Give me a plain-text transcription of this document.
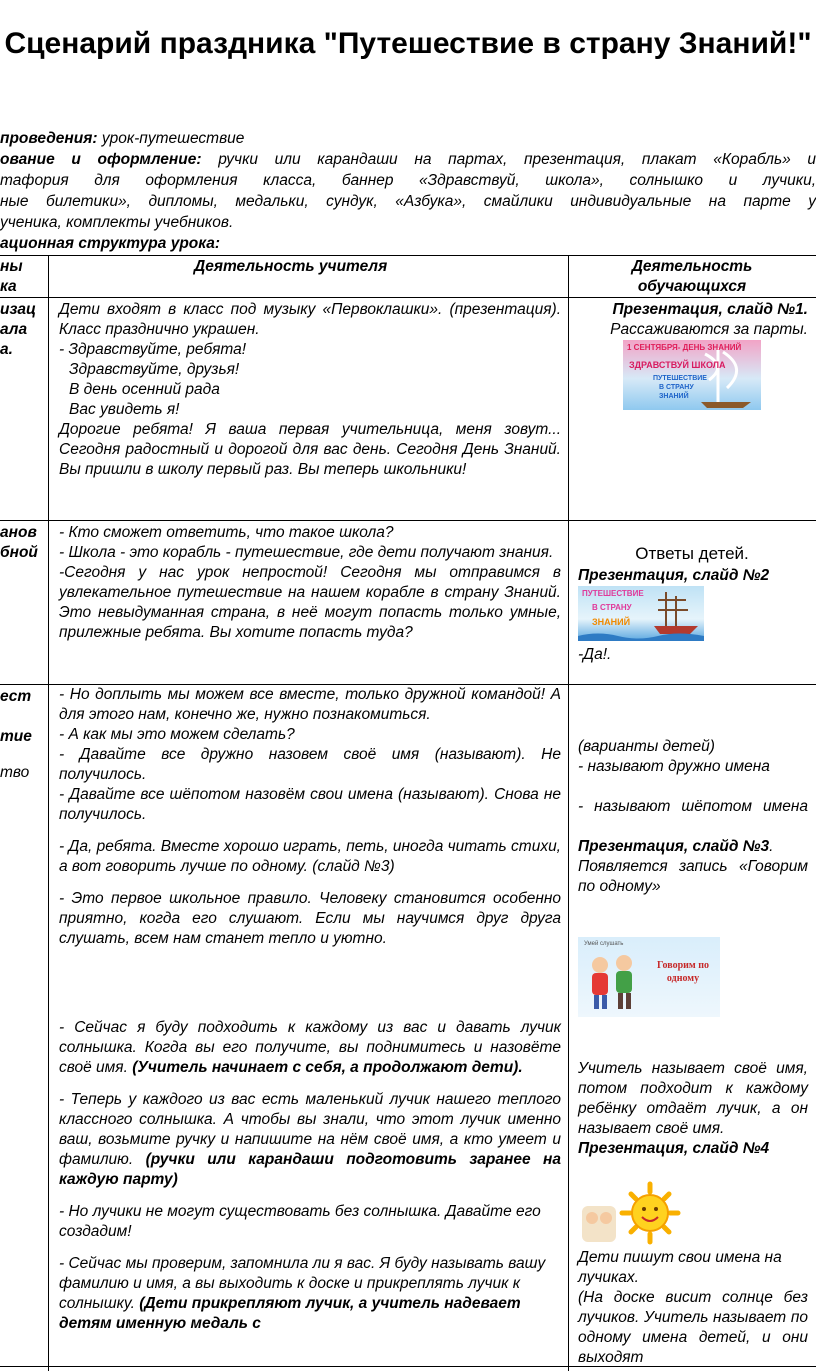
Сценарий праздника "Путешествие в страну Знаний!"

проведения: урок-путешествие

ование и оформление: ручки или карандаши на партах, презентация, плакат «Корабль» и

тафория для оформления класса, баннер «Здравствуй, школа», солнышко и лучики,

ные билетики», дипломы, медальки, сундук, «Азбука», смайлики индивидуальные на парте у

ученика, комплекты учебников.

ационная структура урока:

ны

ка

Деятельность учителя	Деятельность

обучающихся

изац

ала

а.

Дети входят в класс под музыку «Первоклашки». (презентация). Класс празднично украшен.

- Здравствуйте, ребята!

Здравствуйте, друзья!

В день осенний рада

Вас увидеть я!

Дорогие ребята! Я ваша первая учительница, меня зовут... Сегодня радостный и дорогой для вас день. Сегодня День Знаний. Вы пришли в школу первый раз. Вы теперь школьники!

Презентация, слайд №1.

Рассаживаются за парты.

1 СЕНТЯБРЯ- ДЕНЬ ЗНАНИЙ
ЗДРАВСТВУЙ ШКОЛА
ПУТЕШЕСТВИЕ
В СТРАНУ
ЗНАНИЙ

анов

бной

- Кто сможет ответить, что такое школа?

- Школа - это корабль - путешествие, где дети получают знания.

-Сегодня у нас урок непростой! Сегодня мы отправимся в увлекательное путешествие на нашем корабле в страну Знаний. Это невыдуманная страна, в неё могут попасть только умные, прилежные ребята. Вы хотите попасть туда?

Ответы детей.

Презентация, слайд №2

ПУТЕШЕСТВИЕ
В СТРАНУ
ЗНАНИЙ
-Да!.

ест

тие

тво

- Но доплыть мы можем все вместе, только дружной командой! А для этого нам, конечно же, нужно познакомиться.

- А как мы это можем сделать?

- Давайте все дружно назовем своё имя (называют). Не получилось.

- Давайте все шёпотом назовём свои имена (называют). Снова не получилось.

- Да, ребята. Вместе хорошо играть, петь, иногда читать стихи, а вот говорить лучше по одному. (слайд №3)

- Это первое школьное правило. Человеку становится особенно приятно, когда его слушают. Если мы научимся друг друга слушать, всем нам станет тепло и уютно.

- Сейчас я буду подходить к каждому из вас и давать лучик солнышка. Когда вы его получите, вы поднимитесь и назовёте своё имя. (Учитель начинает с себя, а продолжают дети).

- Теперь у каждого из вас есть маленький лучик нашего теплого классного солнышка. А чтобы вы знали, что этот лучик именно ваш, возьмите ручку и напишите на нём своё имя, а кто умеет и фамилию. (ручки или карандаши подготовить заранее на каждую парту)

- Но лучики не могут существовать без солнышка. Давайте его создадим!

- Сейчас мы проверим, запомнила ли я вас. Я буду называть вашу фамилию и имя, а вы выходить к доске и прикреплять лучик к солнышку. (Дети прикрепляют лучик, а учитель надевает детям именную медаль с

(варианты детей)

- называют дружно имена

- называют шёпотом имена

Презентация, слайд №3.

Появляется запись «Говорим по одному»

Умей слушать
Говорим по одному

Учитель называет своё имя, потом подходит к каждому ребёнку отдаёт лучик, а он называет своё имя.

Презентация, слайд №4

Дети пишут свои имена на лучиках.

(На доске висит солнце без лучиков. Учитель называет по одному имена детей, и они выходят
